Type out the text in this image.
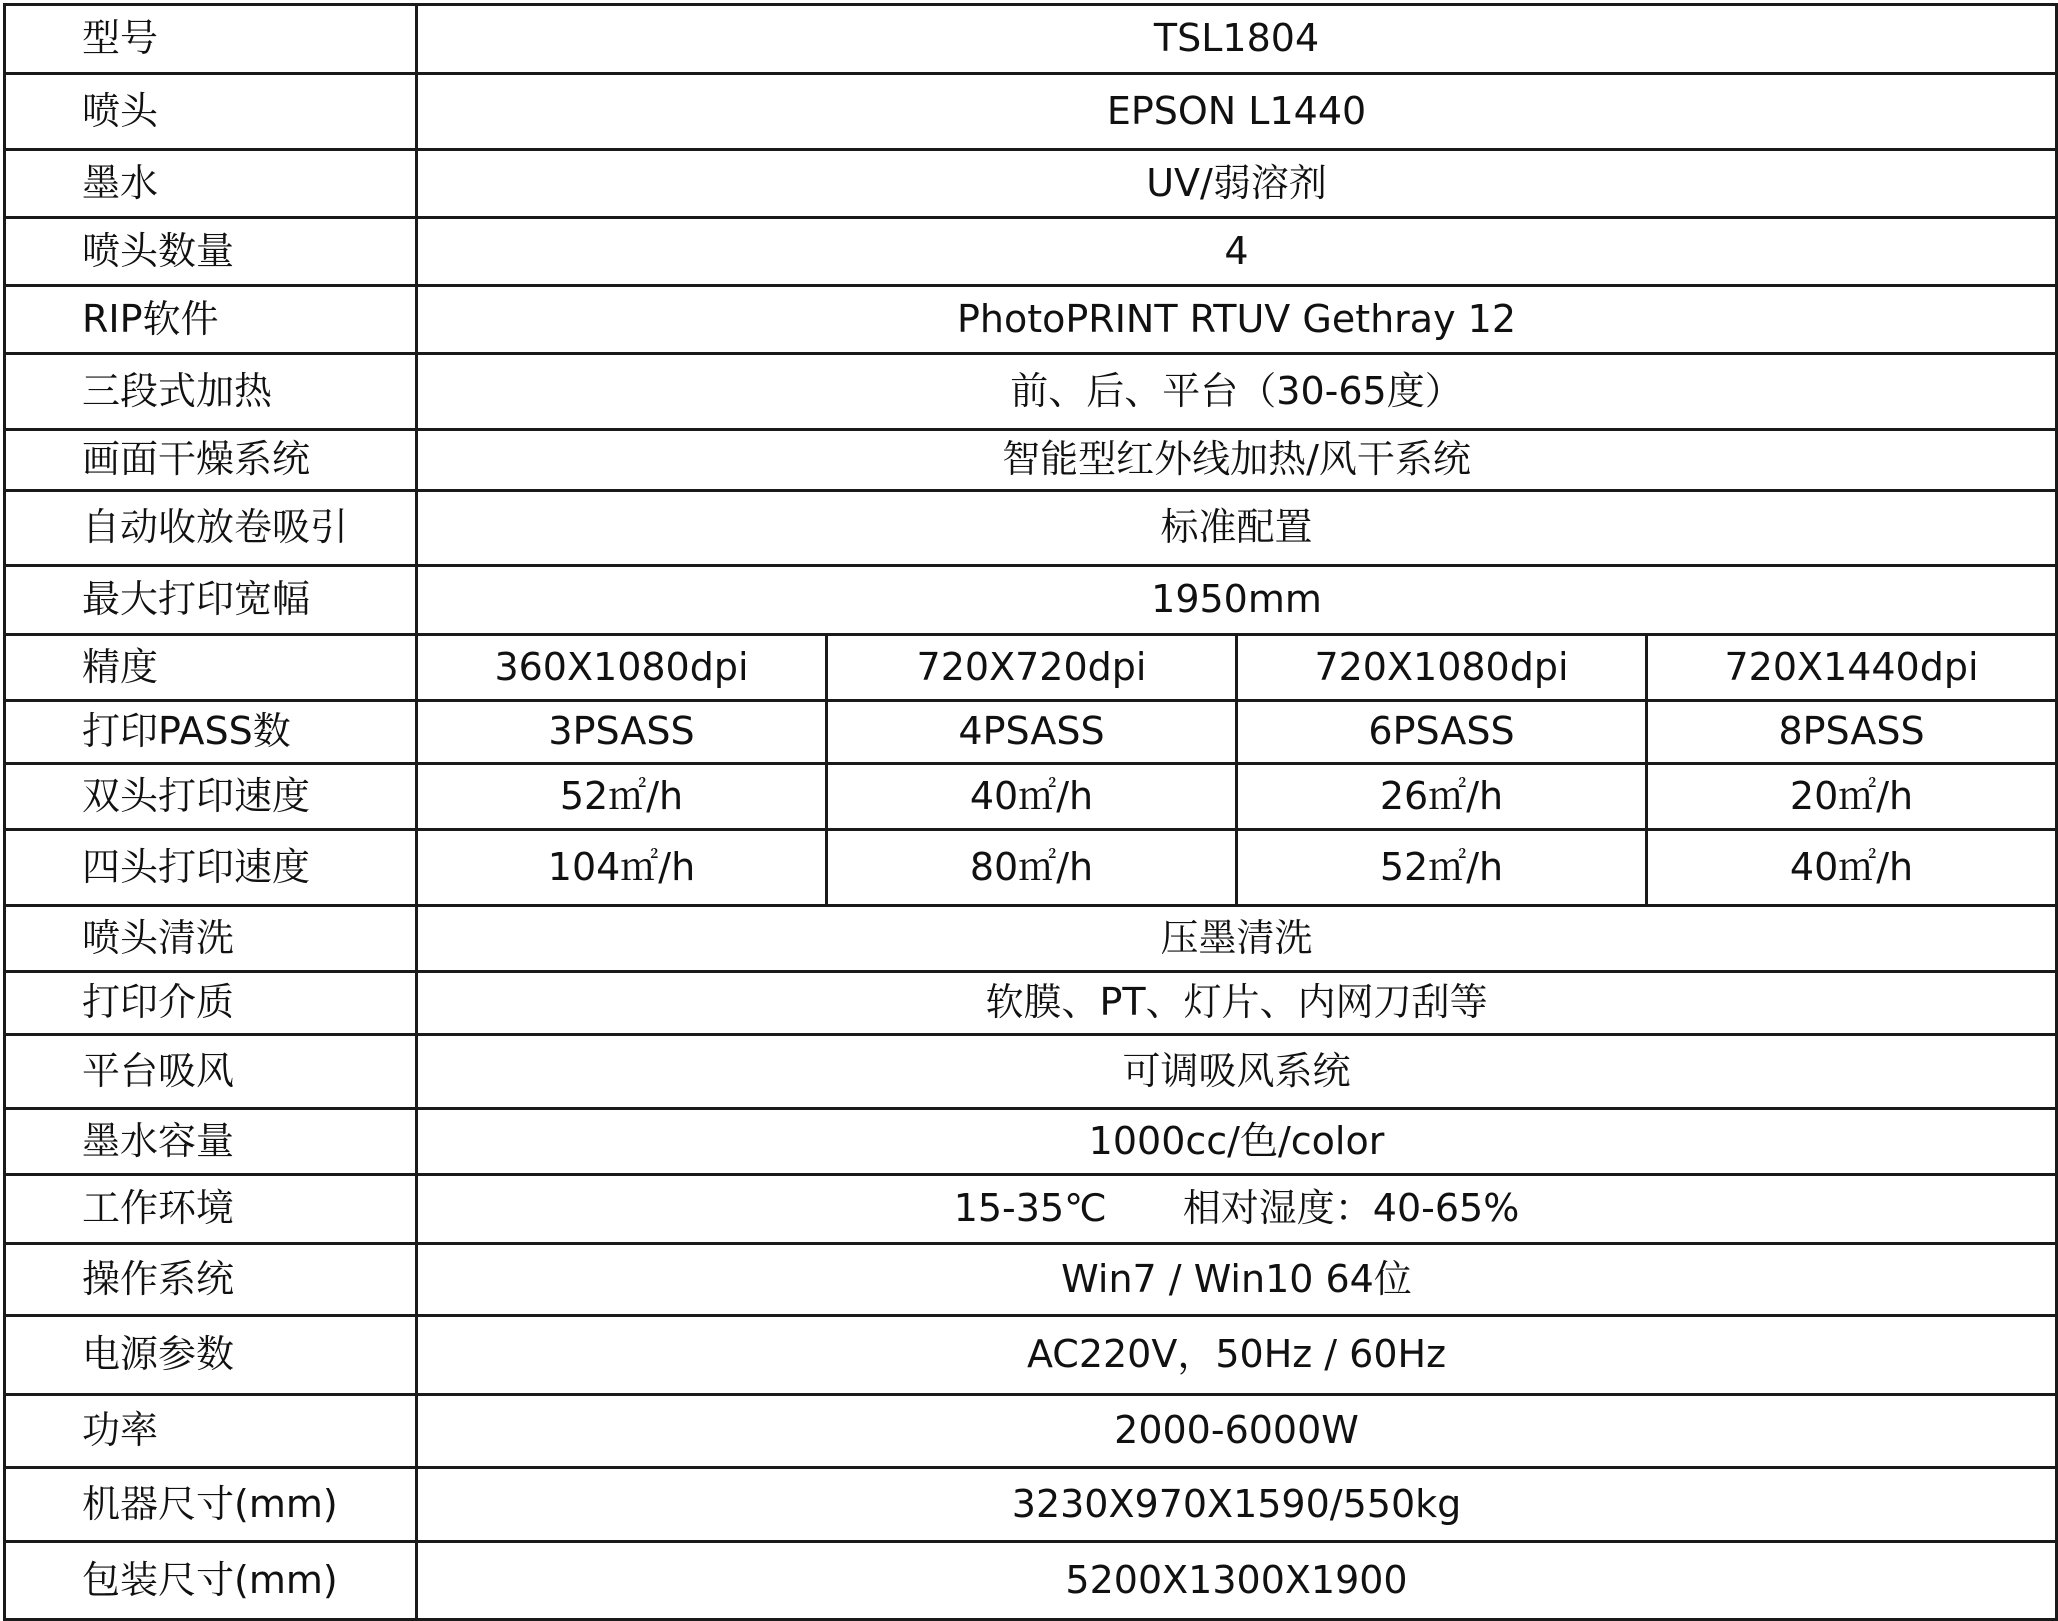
型号	TSL1804			
喷头	EPSON L1440			
墨水	UV/弱溶剂			
喷头数量	4			
RIP软件	PhotoPRINT RTUV Gethray 12			
三段式加热	前、后、平台（30-65度）			
画面干燥系统	智能型红外线加热/风干系统			
自动收放卷吸引	标准配置			
最大打印宽幅	1950mm			
精度	360X1080dpi	720X720dpi	720X1080dpi	720X1440dpi
打印PASS数	3PSASS	4PSASS	6PSASS	8PSASS
双头打印速度	52㎡/h	40㎡/h	26㎡/h	20㎡/h
四头打印速度	104㎡/h	80㎡/h	52㎡/h	40㎡/h
喷头清洗	压墨清洗			
打印介质	软膜、PT、灯片、内网刀刮等			
平台吸风	可调吸风系统			
墨水容量	1000cc/色/color			
工作环境	15-35℃　　相对湿度：40-65%			
操作系统	Win7 / Win10 64位			
电源参数	AC220V，50Hz / 60Hz			
功率	2000-6000W			
机器尺寸(mm)	3230X970X1590/550kg			
包装尺寸(mm)	5200X1300X1900			
